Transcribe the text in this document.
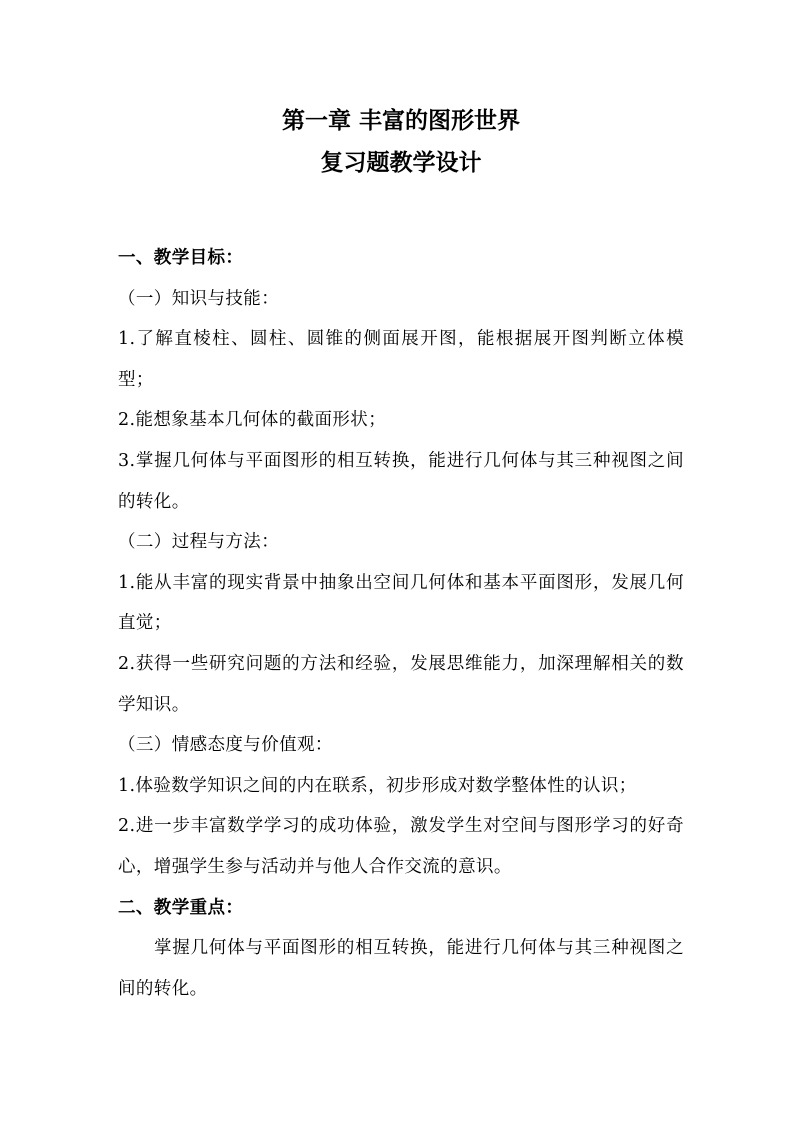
第一章 丰富的图形世界
复习题教学设计

一、教学目标：

（一）知识与技能：

1.了解直棱柱、圆柱、圆锥的侧面展开图，能根据展开图判断立体模型；

2.能想象基本几何体的截面形状；

3.掌握几何体与平面图形的相互转换，能进行几何体与其三种视图之间的转化。

（二）过程与方法：

1.能从丰富的现实背景中抽象出空间几何体和基本平面图形，发展几何直觉；

2.获得一些研究问题的方法和经验，发展思维能力，加深理解相关的数学知识。

（三）情感态度与价值观：

1.体验数学知识之间的内在联系，初步形成对数学整体性的认识；

2.进一步丰富数学学习的成功体验，激发学生对空间与图形学习的好奇心，增强学生参与活动并与他人合作交流的意识。

二、教学重点：

掌握几何体与平面图形的相互转换，能进行几何体与其三种视图之间的转化。
